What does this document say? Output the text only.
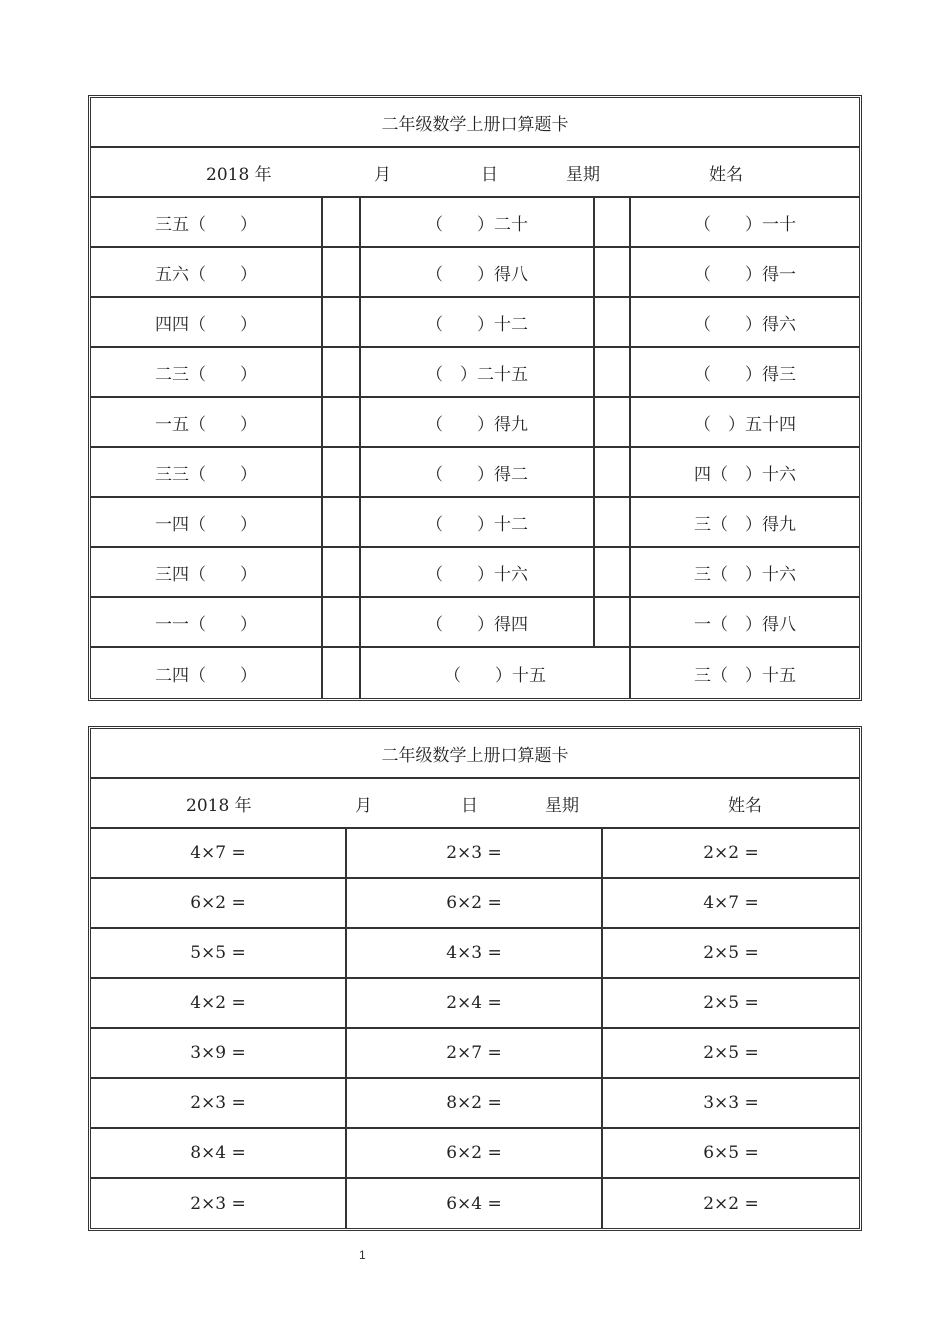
二年级数学上册口算题卡
2018 年	月	日	星期	姓名
三五（　　）	（　　）二十	（　　）一十
五六（　　）	（　　）得八	（　　）得一
四四（　　）	（　　）十二	（　　）得六
二三（　　）	（　）二十五	（　　）得三
一五（　　）	（　　）得九	（　）五十四
三三（　　）	（　　）得二	四（　）十六
一四（　　）	（　　）十二	三（　）得九
三四（　　）	（　　）十六	三（　）十六
一一（　　）	（　　）得四	一（　）得八
二四（　　）	（　　）十五	三（　）十五
二年级数学上册口算题卡
2018 年	月	日	星期	姓名
4×7 =	2×3 =	2×2 =
6×2 =	6×2 =	4×7 =
5×5 =	4×3 =	2×5 =
4×2 =	2×4 =	2×5 =
3×9 =	2×7 =	2×5 =
2×3 =	8×2 =	3×3 =
8×4 =	6×2 =	6×5 =
2×3 =	6×4 =	2×2 =
1
